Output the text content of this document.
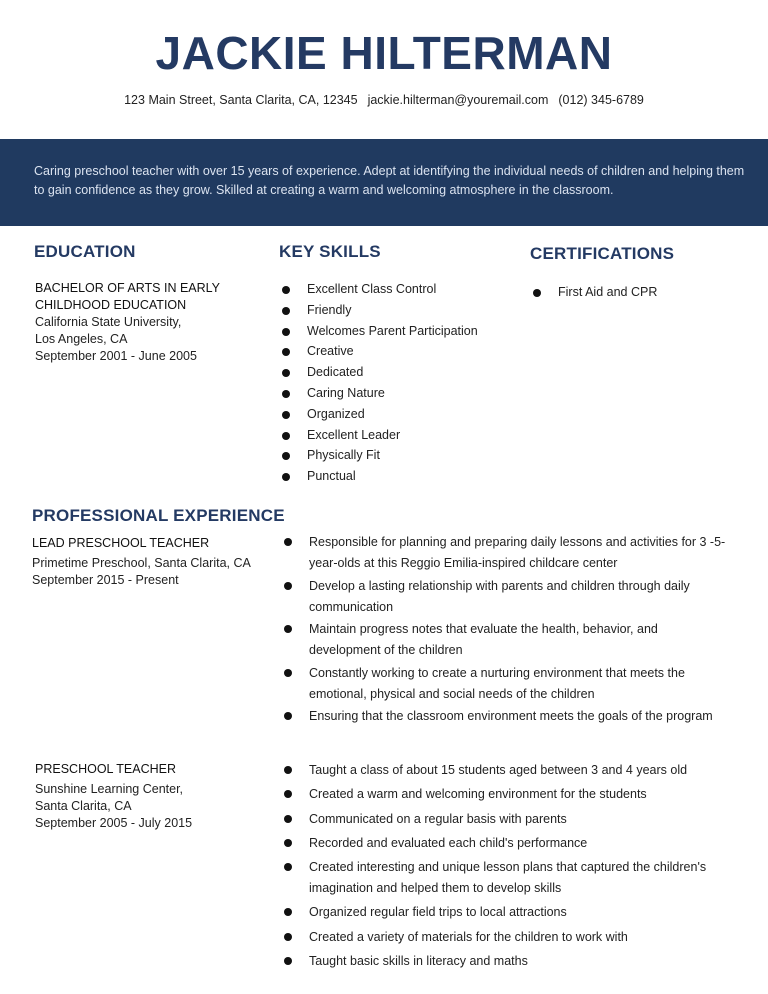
JACKIE HILTERMAN
123 Main Street, Santa Clarita, CA, 12345 jackie.hilterman@youremail.com (012) 345-6789

Caring preschool teacher with over 15 years of experience. Adept at identifying the individual needs of children and helping them to gain confidence as they grow. Skilled at creating a warm and welcoming atmosphere in the classroom.

EDUCATION
BACHELOR OF ARTS IN EARLY CHILDHOOD EDUCATION
California State University,
Los Angeles, CA
September 2001 - June 2005
KEY SKILLS
Excellent Class Control
Friendly
Welcomes Parent Participation
Creative
Dedicated
Caring Nature
Organized
Excellent Leader
Physically Fit
Punctual
CERTIFICATIONS
First Aid and CPR
PROFESSIONAL EXPERIENCE
LEAD PRESCHOOL TEACHER
Primetime Preschool, Santa Clarita, CA
September 2015 - Present
Responsible for planning and preparing daily lessons and activities for 3 -5-year-olds at this Reggio Emilia-inspired childcare center
Develop a lasting relationship with parents and children through daily communication
Maintain progress notes that evaluate the health, behavior, and development of the children
Constantly working to create a nurturing environment that meets the emotional, physical and social needs of the children
Ensuring that the classroom environment meets the goals of the program
PRESCHOOL TEACHER
Sunshine Learning Center,
Santa Clarita, CA
September 2005 - July 2015
Taught a class of about 15 students aged between 3 and 4 years old
Created a warm and welcoming environment for the students
Communicated on a regular basis with parents
Recorded and evaluated each child's performance
Created interesting and unique lesson plans that captured the children's imagination and helped them to develop skills
Organized regular field trips to local attractions
Created a variety of materials for the children to work with
Taught basic skills in literacy and maths
